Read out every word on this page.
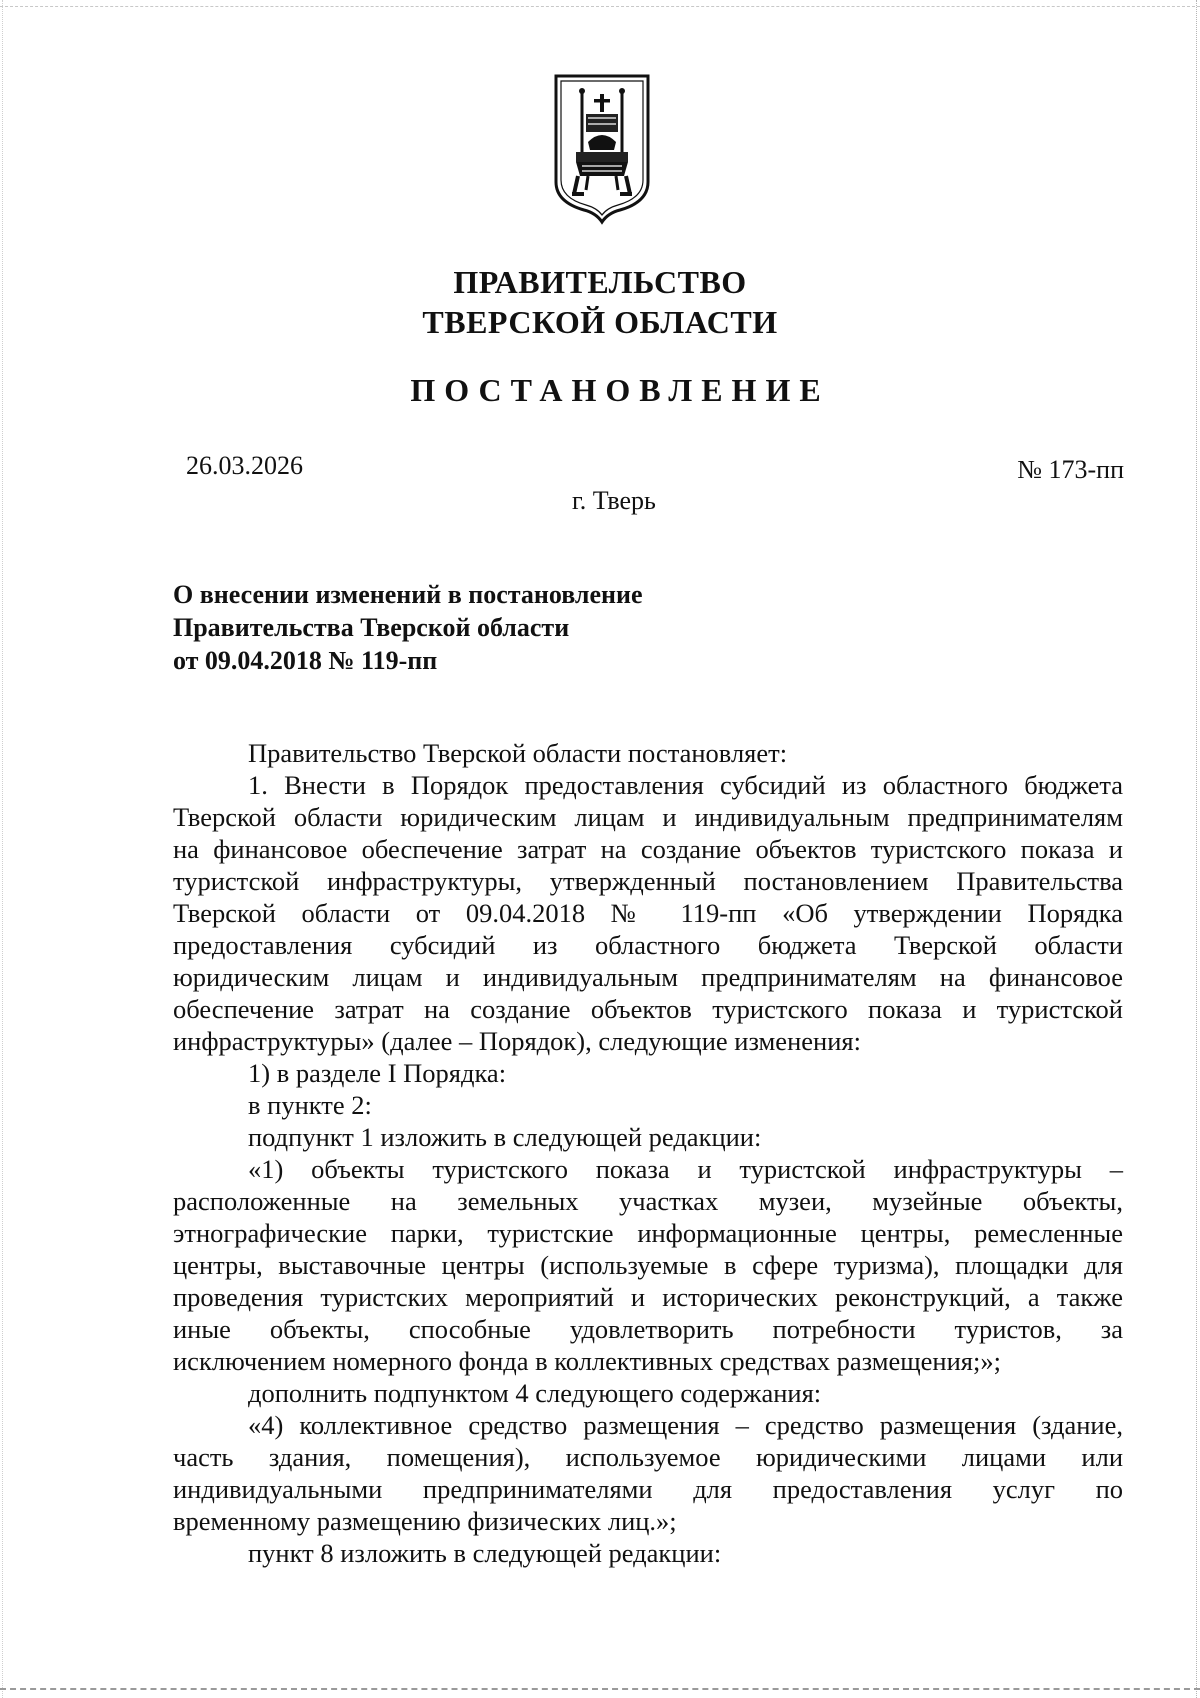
ПРАВИТЕЛЬСТВО
ТВЕРСКОЙ ОБЛАСТИ
ПОСТАНОВЛЕНИЕ
26.03.2026	№ 173-пп
г. Тверь
О внесении изменений в постановление
Правительства Тверской области
от 09.04.2018 № 119-пп
Правительство Тверской области постановляет:
1. Внести в Порядок предоставления субсидий из областного бюджета
Тверской области юридическим лицам и индивидуальным предпринимателям
на финансовое обеспечение затрат на создание объектов туристского показа и
туристской инфраструктуры, утвержденный постановлением Правительства
Тверской области от 09.04.2018 № 119-пп «Об утверждении Порядка
предоставления субсидий из областного бюджета Тверской области
юридическим лицам и индивидуальным предпринимателям на финансовое
обеспечение затрат на создание объектов туристского показа и туристской
инфраструктуры» (далее – Порядок), следующие изменения:
1) в разделе I Порядка:
в пункте 2:
подпункт 1 изложить в следующей редакции:
«1) объекты туристского показа и туристской инфраструктуры –
расположенные на земельных участках музеи, музейные объекты,
этнографические парки, туристские информационные центры, ремесленные
центры, выставочные центры (используемые в сфере туризма), площадки для
проведения туристских мероприятий и исторических реконструкций, а также
иные объекты, способные удовлетворить потребности туристов, за
исключением номерного фонда в коллективных средствах размещения;»;
дополнить подпунктом 4 следующего содержания:
«4) коллективное средство размещения – средство размещения (здание,
часть здания, помещения), используемое юридическими лицами или
индивидуальными предпринимателями для предоставления услуг по
временному размещению физических лиц.»;
пункт 8 изложить в следующей редакции:
